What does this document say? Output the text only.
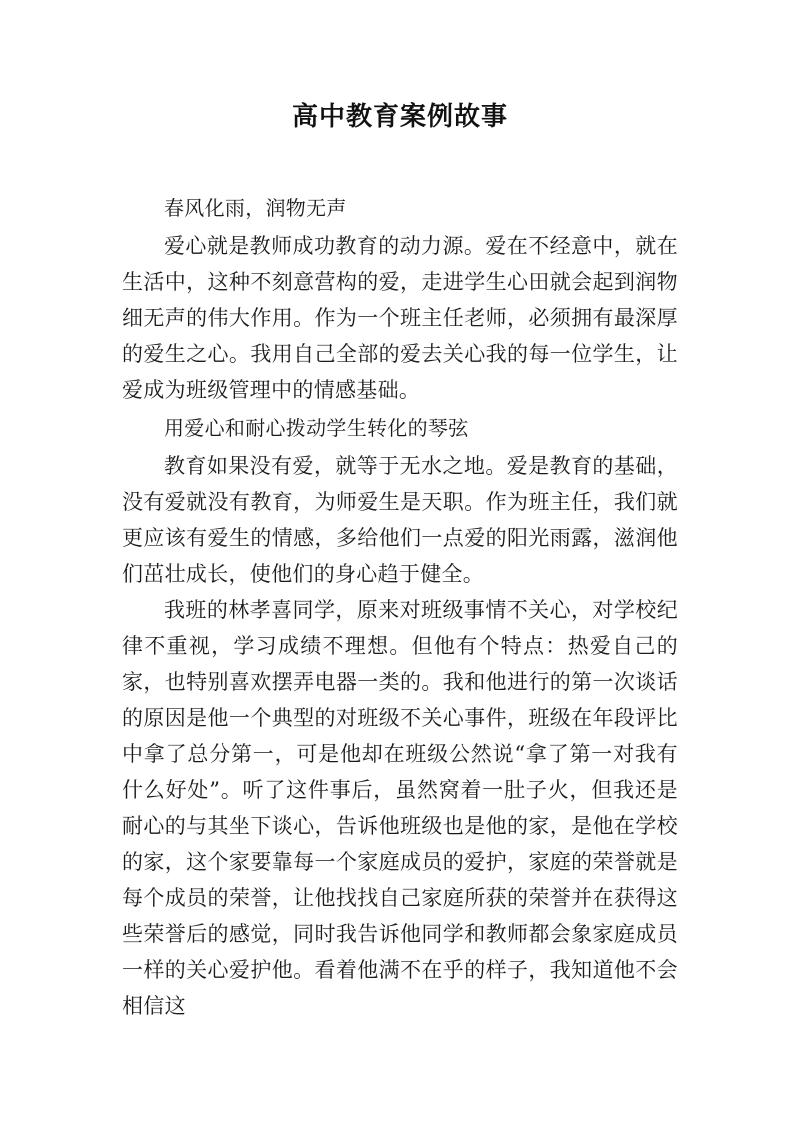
高中教育案例故事

春风化雨，润物无声

爱心就是教师成功教育的动力源。爱在不经意中，就在生活中，这种不刻意营构的爱，走进学生心田就会起到润物细无声的伟大作用。作为一个班主任老师，必须拥有最深厚的爱生之心。我用自己全部的爱去关心我的每一位学生，让爱成为班级管理中的情感基础。

用爱心和耐心拨动学生转化的琴弦

教育如果没有爱，就等于无水之地。爱是教育的基础，没有爱就没有教育，为师爱生是天职。作为班主任，我们就更应该有爱生的情感，多给他们一点爱的阳光雨露，滋润他们茁壮成长，使他们的身心趋于健全。

我班的林孝喜同学，原来对班级事情不关心，对学校纪律不重视，学习成绩不理想。但他有个特点：热爱自己的家，也特别喜欢摆弄电器一类的。我和他进行的第一次谈话的原因是他一个典型的对班级不关心事件，班级在年段评比中拿了总分第一，可是他却在班级公然说“拿了第一对我有什么好处”。听了这件事后，虽然窝着一肚子火，但我还是耐心的与其坐下谈心，告诉他班级也是他的家，是他在学校的家，这个家要靠每一个家庭成员的爱护，家庭的荣誉就是每个成员的荣誉，让他找找自己家庭所获的荣誉并在获得这些荣誉后的感觉，同时我告诉他同学和教师都会象家庭成员一样的关心爱护他。看着他满不在乎的样子，我知道他不会相信这
